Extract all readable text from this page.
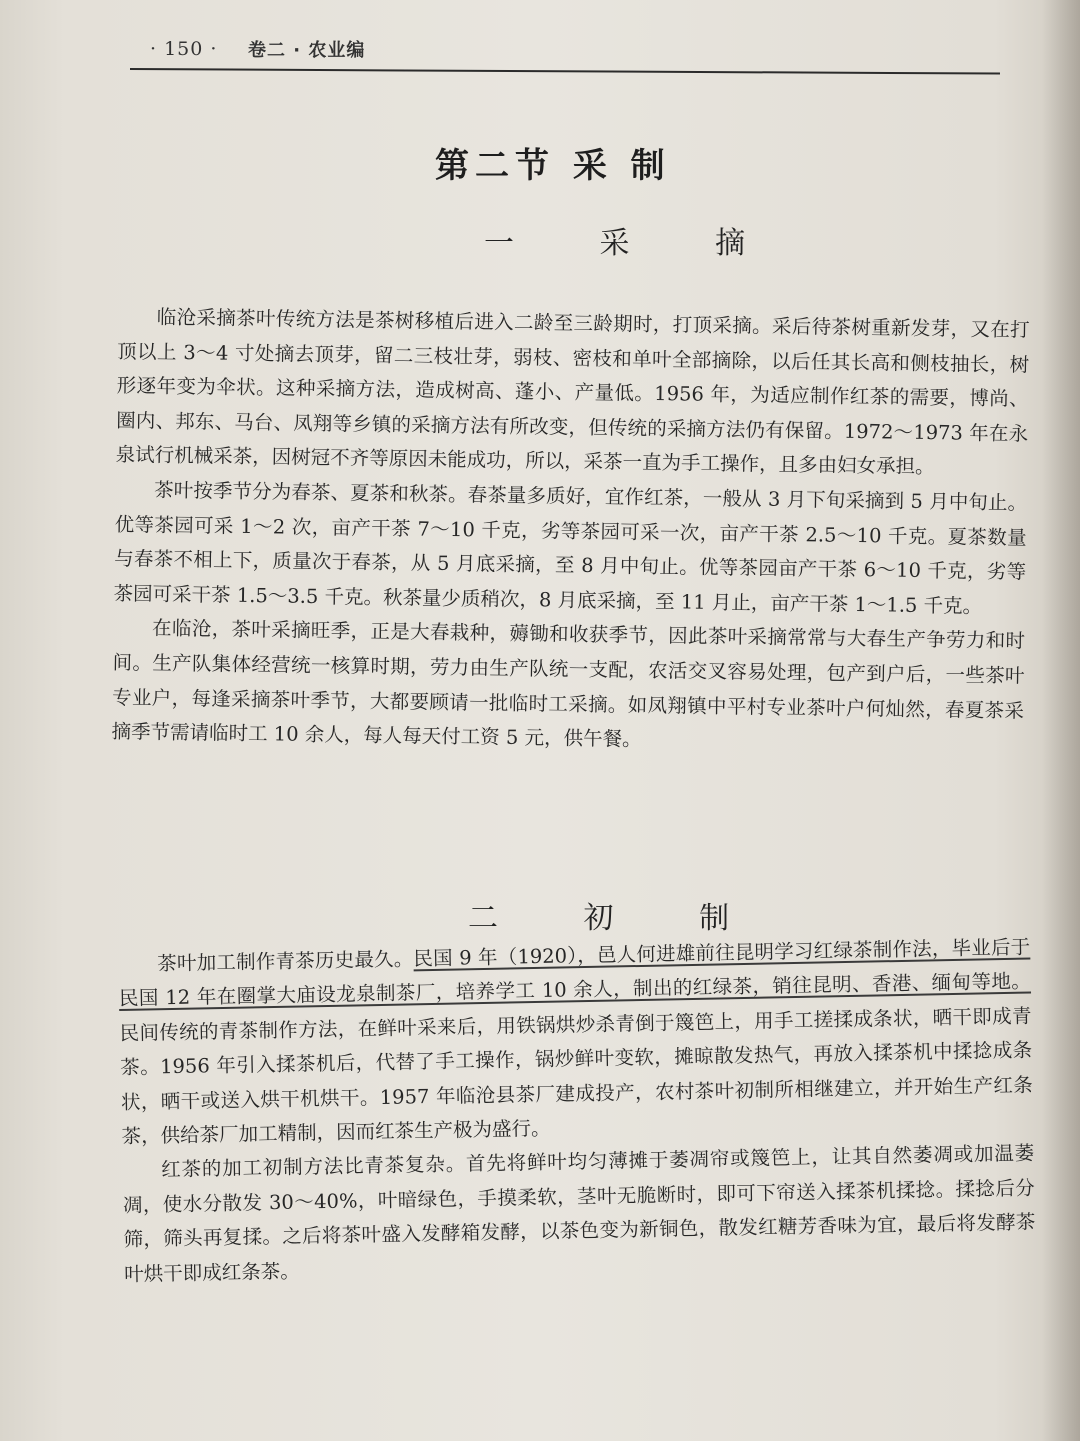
· 150 · 卷二 · 农业编
第二节 采 制
一 采 摘

临沧采摘茶叶传统方法是茶树移植后进入二龄至三龄期时，打顶采摘。采后待茶树重新发芽，又在打顶以上 3～4 寸处摘去顶芽，留二三枝壮芽，弱枝、密枝和单叶全部摘除，以后任其长高和侧枝抽长，树形逐年变为伞状。这种采摘方法，造成树高、蓬小、产量低。1956 年，为适应制作红茶的需要，博尚、圈内、邦东、马台、凤翔等乡镇的采摘方法有所改变，但传统的采摘方法仍有保留。1972～1973 年在永泉试行机械采茶，因树冠不齐等原因未能成功，所以，采茶一直为手工操作，且多由妇女承担。

茶叶按季节分为春茶、夏茶和秋茶。春茶量多质好，宜作红茶，一般从 3 月下旬采摘到 5 月中旬止。优等茶园可采 1～2 次，亩产干茶 7～10 千克，劣等茶园可采一次，亩产干茶 2.5～10 千克。夏茶数量与春茶不相上下，质量次于春茶，从 5 月底采摘，至 8 月中旬止。优等茶园亩产干茶 6～10 千克，劣等茶园可采干茶 1.5～3.5 千克。秋茶量少质稍次，8 月底采摘，至 11 月止，亩产干茶 1～1.5 千克。

在临沧，茶叶采摘旺季，正是大春栽种，薅锄和收获季节，因此茶叶采摘常常与大春生产争劳力和时间。生产队集体经营统一核算时期，劳力由生产队统一支配，农活交叉容易处理，包产到户后，一些茶叶专业户，每逢采摘茶叶季节，大都要顾请一批临时工采摘。如凤翔镇中平村专业茶叶户何灿然，春夏茶采摘季节需请临时工 10 余人，每人每天付工资 5 元，供午餐。

二 初 制

茶叶加工制作青茶历史最久。民国 9 年（1920），邑人何进雄前往昆明学习红绿茶制作法，毕业后于民国 12 年在圈掌大庙设龙泉制茶厂，培养学工 10 余人，制出的红绿茶，销往昆明、香港、缅甸等地。民间传统的青茶制作方法，在鲜叶采来后，用铁锅烘炒杀青倒于篾笆上，用手工搓揉成条状，晒干即成青茶。1956 年引入揉茶机后，代替了手工操作，锅炒鲜叶变软，摊晾散发热气，再放入揉茶机中揉捻成条状，晒干或送入烘干机烘干。1957 年临沧县茶厂建成投产，农村茶叶初制所相继建立，并开始生产红条茶，供给茶厂加工精制，因而红茶生产极为盛行。

红茶的加工初制方法比青茶复杂。首先将鲜叶均匀薄摊于萎凋帘或篾笆上，让其自然萎凋或加温萎凋，使水分散发 30～40%，叶暗绿色，手摸柔软，茎叶无脆断时，即可下帘送入揉茶机揉捻。揉捻后分筛，筛头再复揉。之后将茶叶盛入发酵箱发酵，以茶色变为新铜色，散发红糖芳香味为宜，最后将发酵茶叶烘干即成红条茶。
